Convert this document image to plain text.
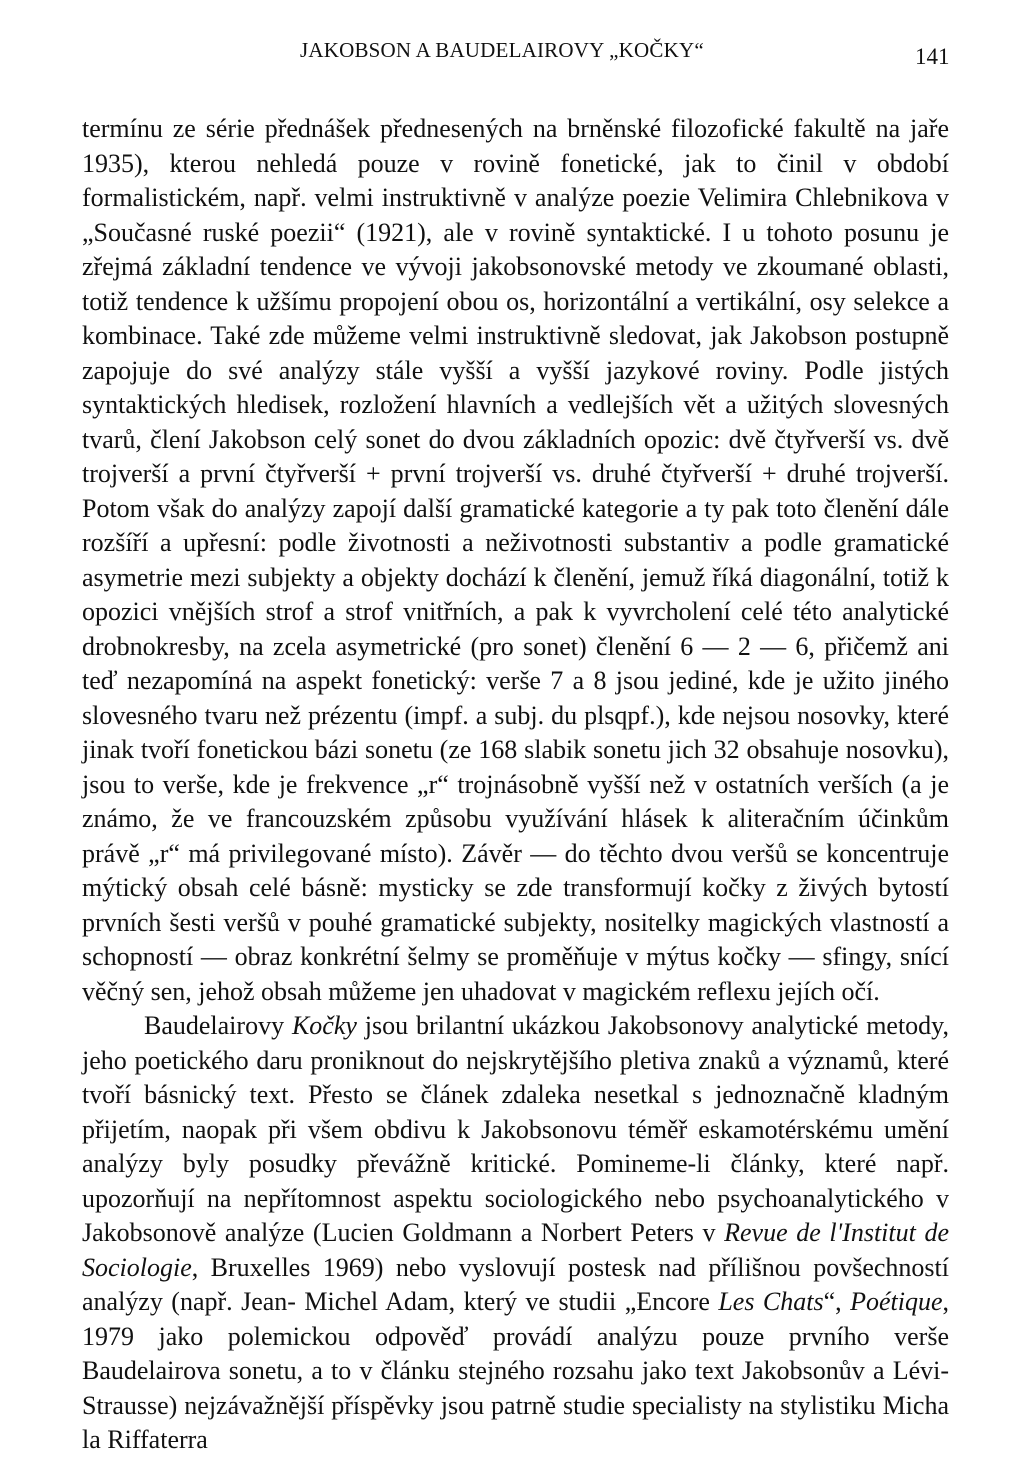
JAKOBSON A BAUDELAIROVY „KOČKY“	141

termínu ze série přednášek přednesených na brněnské filozofické fakultě na jaře 1935), kterou nehledá pouze v rovině fonetické, jak to činil v období formalistickém, např. velmi instruktivně v analýze poezie Velimira Chlebnikova v „Současné ruské poezii“ (1921), ale v rovině syntaktické. I u tohoto posunu je zřejmá základní tendence ve vývoji jakobsonovské metody ve zkoumané oblasti, totiž tendence k užšímu propojení obou os, horizontální a vertikální, osy selekce a kombinace. Také zde můžeme velmi instruktivně sledovat, jak Jakobson postupně zapojuje do své analýzy stále vyšší a vyšší jazykové roviny. Podle jistých syntaktických hledisek, rozložení hlavních a vedlejších vět a užitých slovesných tvarů, člení Jakobson celý sonet do dvou základních opozic: dvě čtyřverší vs. dvě trojverší a první čtyřverší + první trojverší vs. druhé čtyřverší + druhé trojverší. Potom však do analýzy zapojí další gramatické kategorie a ty pak toto členění dále rozšíří a upřesní: podle životnosti a neživotnosti substantiv a podle gramatické asymetrie mezi subjekty a objekty dochází k členění, jemuž říká diagonální, totiž k opozici vnějších strof a strof vnitřních, a pak k vyvrcholení celé této analytické drobnokresby, na zcela asymetrické (pro sonet) členění 6 — 2 — 6, přičemž ani teď nezapomíná na aspekt fonetický: verše 7 a 8 jsou jediné, kde je užito jiného slovesného tvaru než prézentu (impf. a subj. du plsqpf.), kde nejsou nosovky, které jinak tvoří fonetickou bázi sonetu (ze 168 slabik sonetu jich 32 obsahuje nosovku), jsou to verše, kde je frekvence „r“ trojnásobně vyšší než v ostatních verších (a je známo, že ve francouzském způsobu využívání hlásek k aliteračním účinkům právě „r“ má privilegované místo). Závěr — do těchto dvou veršů se koncentruje mýtický obsah celé básně: mysticky se zde transformují kočky z živých bytostí prvních šesti veršů v pouhé gramatické subjekty, nositelky magických vlastností a schopností — obraz konkrétní šelmy se proměňuje v mýtus kočky — sfingy, snící věčný sen, jehož obsah můžeme jen uhadovat v magickém reflexu jejích očí.

Baudelairovy Kočky jsou brilantní ukázkou Jakobsonovy analytické metody, jeho poetického daru proniknout do nejskrytějšího pletiva znaků a významů, které tvoří básnický text. Přesto se článek zdaleka nesetkal s jednoznačně kladným přijetím, naopak při všem obdivu k Jakobsonovu téměř eskamotérskému umění analýzy byly posudky převážně kritické. Pomineme-li články, které např. upozorňují na nepřítomnost aspektu sociologického nebo psychoanalytického v Jakobsonově analýze (Lucien Goldmann a Norbert Peters v Revue de l'Institut de Sociologie, Bruxelles 1969) nebo vyslovují postesk nad přílišnou povšechností analýzy (např. Jean- Michel Adam, který ve studii „Encore Les Chats“, Poétique, 1979 jako polemickou odpověď provádí analýzu pouze prvního verše Baudelairova sonetu, a to v článku stejného rozsahu jako text Jakobsonův a Lévi-Strausse) nejzávažnější příspěvky jsou patrně studie specialisty na stylistiku Micha la Riffaterra
